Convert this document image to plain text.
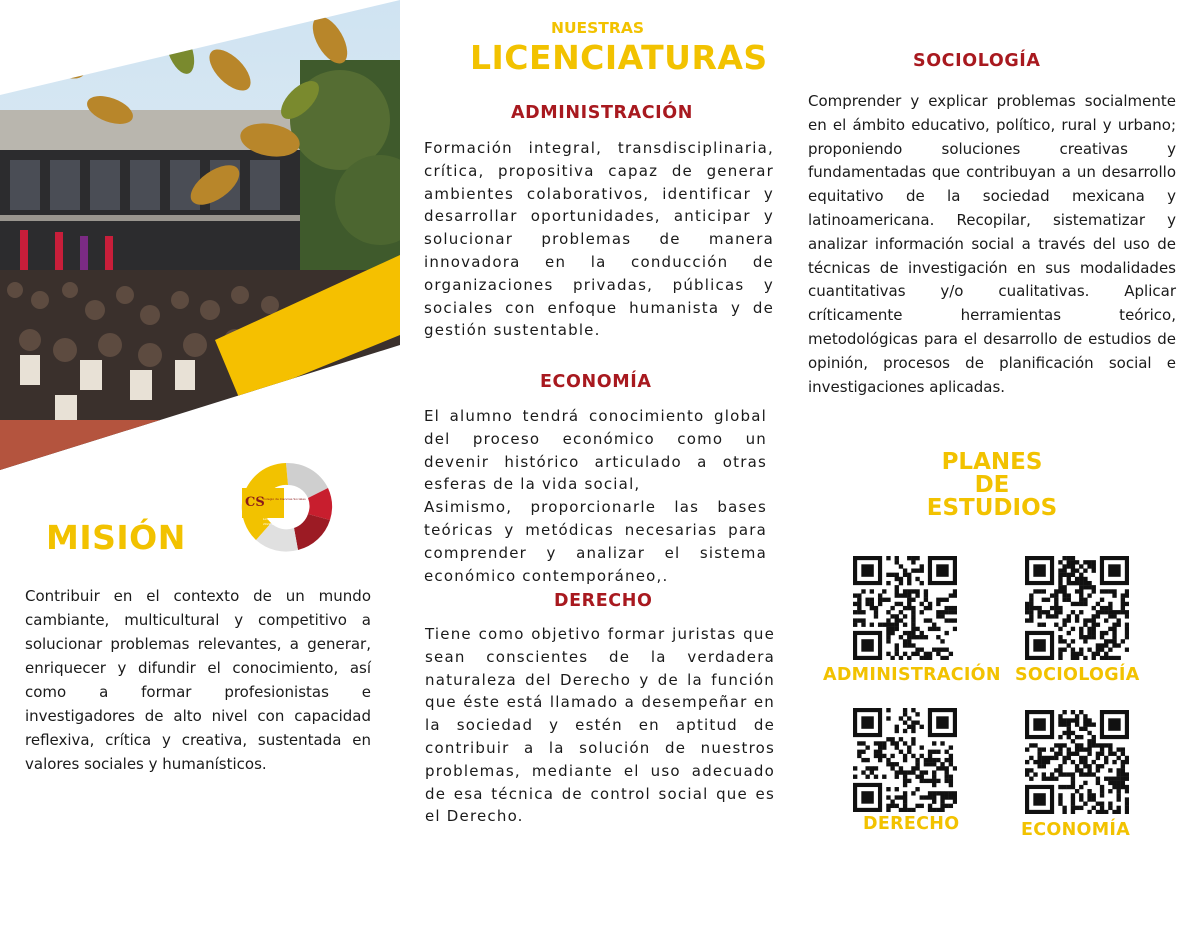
CS
Colegio de Ciencias Sociales
Licenciatura
2022-2026
MISIÓN
Contribuir en el contexto de un mundo cambiante, multicultural y competitivo a solucionar problemas relevantes, a generar, enriquecer y difundir el conocimiento, así como a formar profesionistas e investigadores de alto nivel con capacidad reflexiva, crítica y creativa, sustentada en valores sociales y humanísticos.
NUESTRAS
LICENCIATURAS
ADMINISTRACIÓN
Formación integral, transdisciplinaria, crítica, propositiva capaz de generar ambientes colaborativos, identificar y desarrollar oportunidades, anticipar y solucionar problemas de manera innovadora en la conducción de organizaciones privadas, públicas y sociales con enfoque humanista y de gestión sustentable.
ECONOMÍA
El alumno tendrá conocimiento global del proceso económico como un devenir histórico articulado a otras esferas de la vida social,
Asimismo, proporcionarle las bases teóricas y metódicas necesarias para comprender y analizar el sistema económico contemporáneo,.
DERECHO
Tiene como objetivo formar juristas que sean conscientes de la verdadera naturaleza del Derecho y de la función que éste está llamado a desempeñar en la sociedad y estén en aptitud de contribuir a la solución de nuestros problemas, mediante el uso adecuado de esa técnica de control social que es el Derecho.
SOCIOLOGÍA
Comprender y explicar problemas socialmente en el ámbito educativo, político, rural y urbano; proponiendo soluciones creativas y fundamentadas que contribuyan a un desarrollo equitativo de la sociedad mexicana y latinoamericana. Recopilar, sistematizar y analizar información social a través del uso de técnicas de investigación en sus modalidades cuantitativas y/o cualitativas. Aplicar críticamente herramientas teórico, metodológicas para el desarrollo de estudios de opinión, procesos de planificación social e investigaciones aplicadas.
PLANES
DE
ESTUDIOS
ADMINISTRACIÓN SOCIOLOGÍA
DERECHO	ECONOMÍA
